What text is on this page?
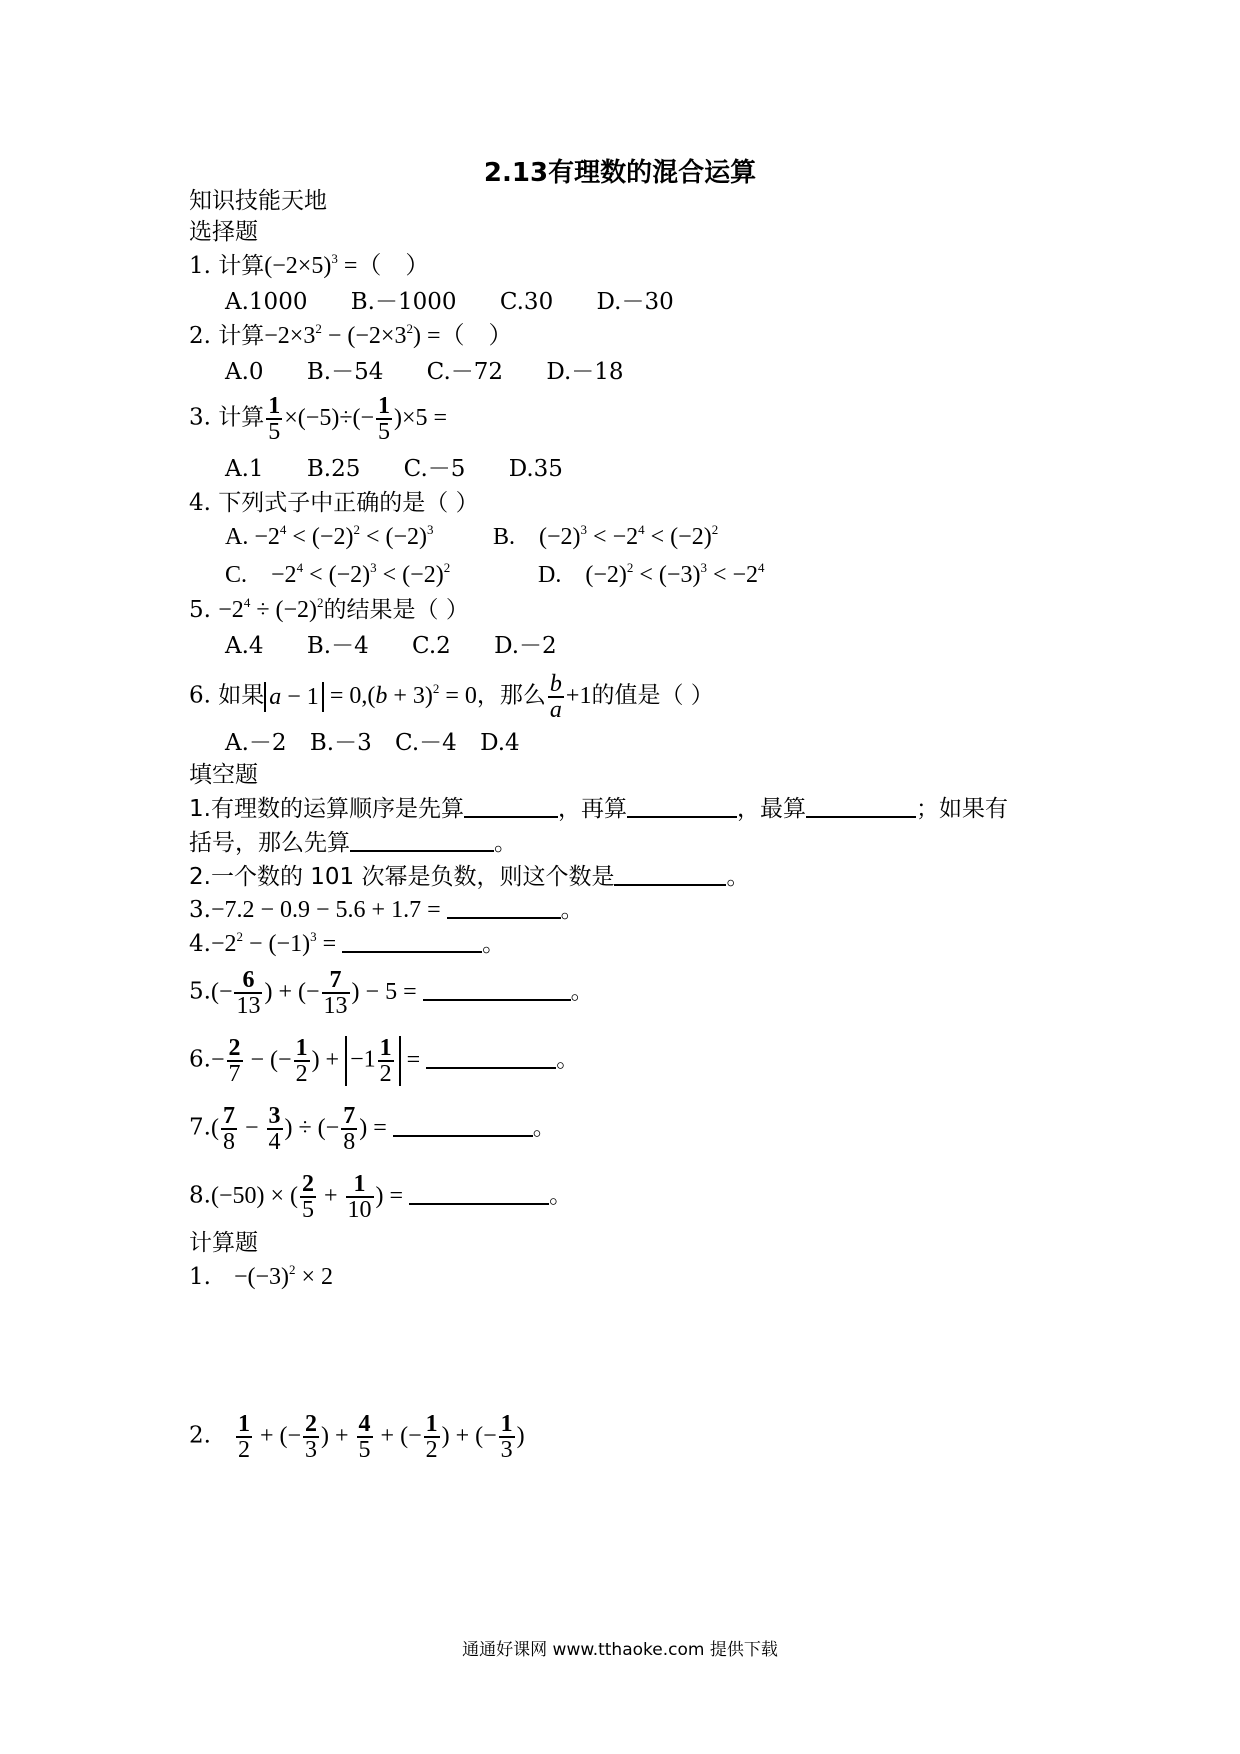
2.13有理数的混合运算
知识技能天地
选择题
1. 计算$(-2\times 5)^3$ =（　）
A.1000 B.－1000 C.30 D.－30
2. 计算$-2\times 3^2 - (-2\times 3^2)$ =（　）
A.0 B.－54 C.－72 D.－18
3. 计算 $\frac{1}{5} \times(-5)\div(- \frac{1}{5} )\times 5$ =
A.1 B.25 C.－5 D.35
4. 下列式子中正确的是（ ）
A. $-2^4 < (-2)^2 < (-2)^3$ B.　$(-2)^3 < -2^4 < (-2)^2$
C.　$-2^4 < (-2)^3 < (-2)^2$	D.　$(-2)^2 < (-3)^3 < -2^4$
5. $-2^4 \div (-2)^2$的结果是（ ）
A.4 B.－4 C.2 D.－2
6. 如果 $a - 1 = 0,(b + 3)^2 = 0$，那么 $\frac{b}{a} +1$的值是（ ）
A.－2 B.－3 C.－4 D.4
填空题
1.有理数的运算顺序是先算	，再算	，最算	；如果有
括号，那么先算	。
2.一个数的 101 次幂是负数，则这个数是	。
3.−7.2 − 0.9 − 5.6 + 1.7 =	。
$4.-2^2 - (-1)^3$ =	。
$5.(- \frac{6}{13}$ ) + (− $\frac{7}{13}$ ) − 5 =	。
$6.- \frac{2}{7}$ − (− $\frac{1}{2}$ ) + $-1 \frac{1}{2}$ =	。
$7.( \frac{7}{8} - \frac{3}{4}$ ) ÷ (− $\frac{7}{8}$ ) =	。
8.(−50) × ( $\frac{2}{5} + \frac{1}{10}$ ) =	。
计算题
1.　 $-(-3)^2 \times 2$
2.　 $\frac{1}{2}$ + (− $\frac{2}{3}$ ) + $\frac{4}{5}$ + (− $\frac{1}{2}$ ) + (− $\frac{1}{3}$ )
通通好课网 www.tthaoke.com 提供下载
